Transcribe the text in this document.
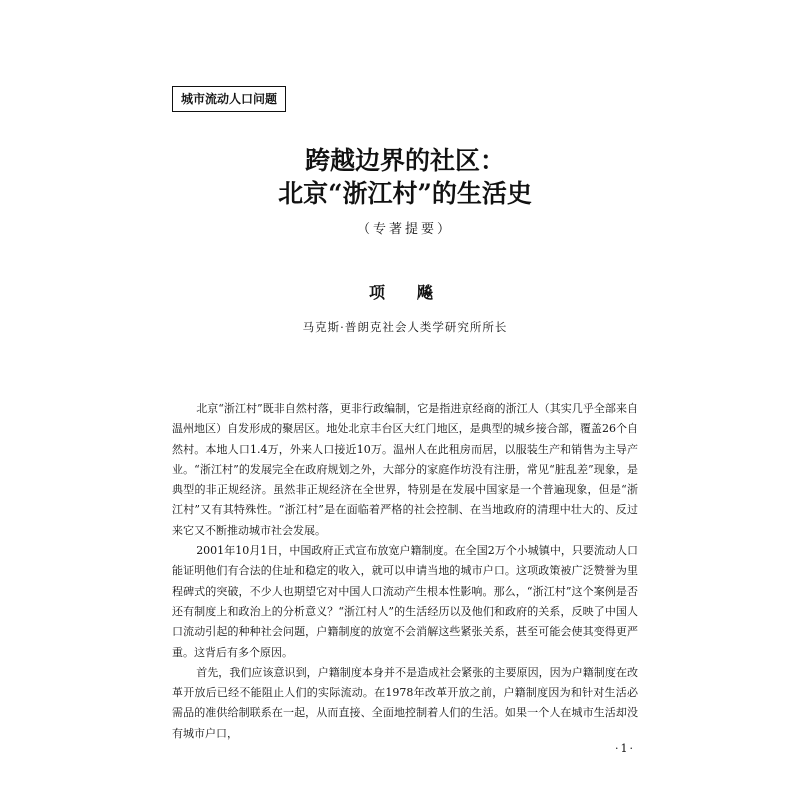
城市流动人口问题
跨越边界的社区：
北京“浙江村”的生活史
（专著提要）
项　飚
马克斯·普朗克社会人类学研究所所长

北京“浙江村”既非自然村落，更非行政编制，它是指进京经商的浙江人（其实几乎全部来自温州地区）自发形成的聚居区。地处北京丰台区大红门地区，是典型的城乡接合部，覆盖26个自然村。本地人口1.4万，外来人口接近10万。温州人在此租房而居，以服装生产和销售为主导产业。“浙江村”的发展完全在政府规划之外，大部分的家庭作坊没有注册，常见“脏乱差”现象，是典型的非正规经济。虽然非正规经济在全世界，特别是在发展中国家是一个普遍现象，但是“浙江村”又有其特殊性。“浙江村”是在面临着严格的社会控制、在当地政府的清理中壮大的、反过来它又不断推动城市社会发展。

2001年10月1日，中国政府正式宣布放宽户籍制度。在全国2万个小城镇中，只要流动人口能证明他们有合法的住址和稳定的收入，就可以申请当地的城市户口。这项政策被广泛赞誉为里程碑式的突破，不少人也期望它对中国人口流动产生根本性影响。那么，“浙江村”这个案例是否还有制度上和政治上的分析意义？“浙江村人”的生活经历以及他们和政府的关系，反映了中国人口流动引起的种种社会问题，户籍制度的放宽不会消解这些紧张关系，甚至可能会使其变得更严重。这背后有多个原因。

首先，我们应该意识到，户籍制度本身并不是造成社会紧张的主要原因，因为户籍制度在改革开放后已经不能阻止人们的实际流动。在1978年改革开放之前，户籍制度因为和针对生活必需品的准供给制联系在一起，从而直接、全面地控制着人们的生活。如果一个人在城市生活却没有城市户口，

·1·
